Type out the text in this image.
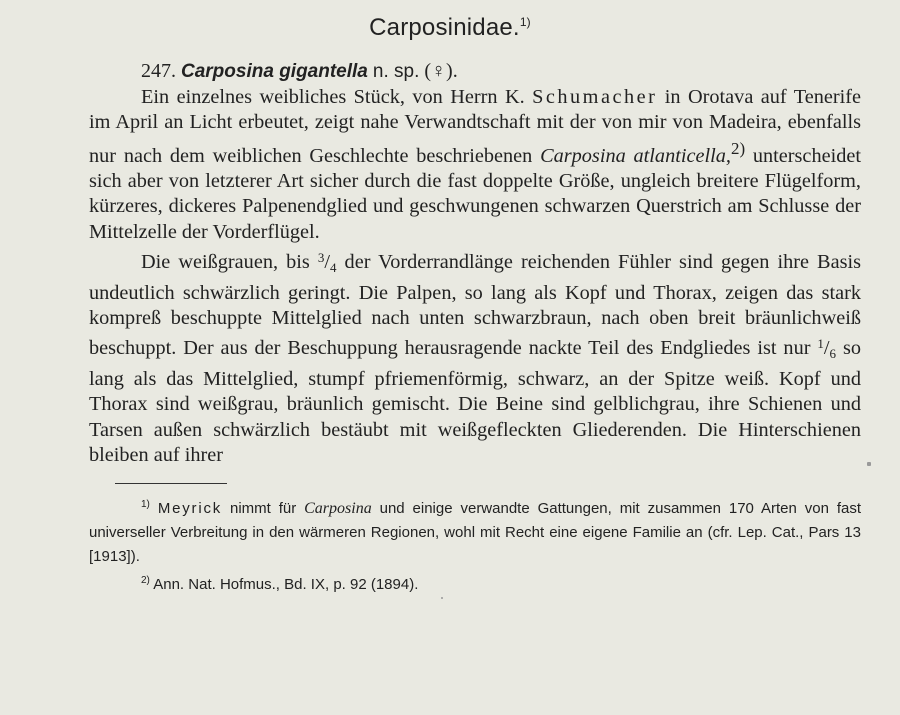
Carposinidae.$^{1)}$
247. Carposina gigantella n. sp. (♀).

Ein einzelnes weibliches Stück, von Herrn K. Schumacher in Orotava auf Tenerife im April an Licht erbeutet, zeigt nahe Verwandtschaft mit der von mir von Madeira, ebenfalls nur nach dem weiblichen Geschlechte beschriebenen Carposina atlanticella,$^{2)}$ unterscheidet sich aber von letzterer Art sicher durch die fast doppelte Größe, ungleich breitere Flügelform, kürzeres, dickeres Palpenendglied und geschwungenen schwarzen Querstrich am Schlusse der Mittelzelle der Vorderflügel.

Die weißgrauen, bis $^3$/4 der Vorderrandlänge reichenden Fühler sind gegen ihre Basis undeutlich schwärzlich geringt. Die Palpen, so lang als Kopf und Thorax, zeigen das stark kompreß beschuppte Mittelglied nach unten schwarzbraun, nach oben breit bräunlichweiß beschuppt. Der aus der Beschuppung herausragende nackte Teil des Endgliedes ist nur $^1$/6 so lang als das Mittelglied, stumpf pfriemenförmig, schwarz, an der Spitze weiß. Kopf und Thorax sind weißgrau, bräunlich gemischt. Die Beine sind gelblichgrau, ihre Schienen und Tarsen außen schwärzlich bestäubt mit weißgefleckten Gliederenden. Die Hinterschienen bleiben auf ihrer

$^{1)}$ Meyrick nimmt für Carposina und einige verwandte Gattungen, mit zusammen 170 Arten von fast universeller Verbreitung in den wärmeren Regionen, wohl mit Recht eine eigene Familie an (cfr. Lep. Cat., Pars 13 [1913]).

$^{2)}$ Ann. Nat. Hofmus., Bd. IX, p. 92 (1894).
